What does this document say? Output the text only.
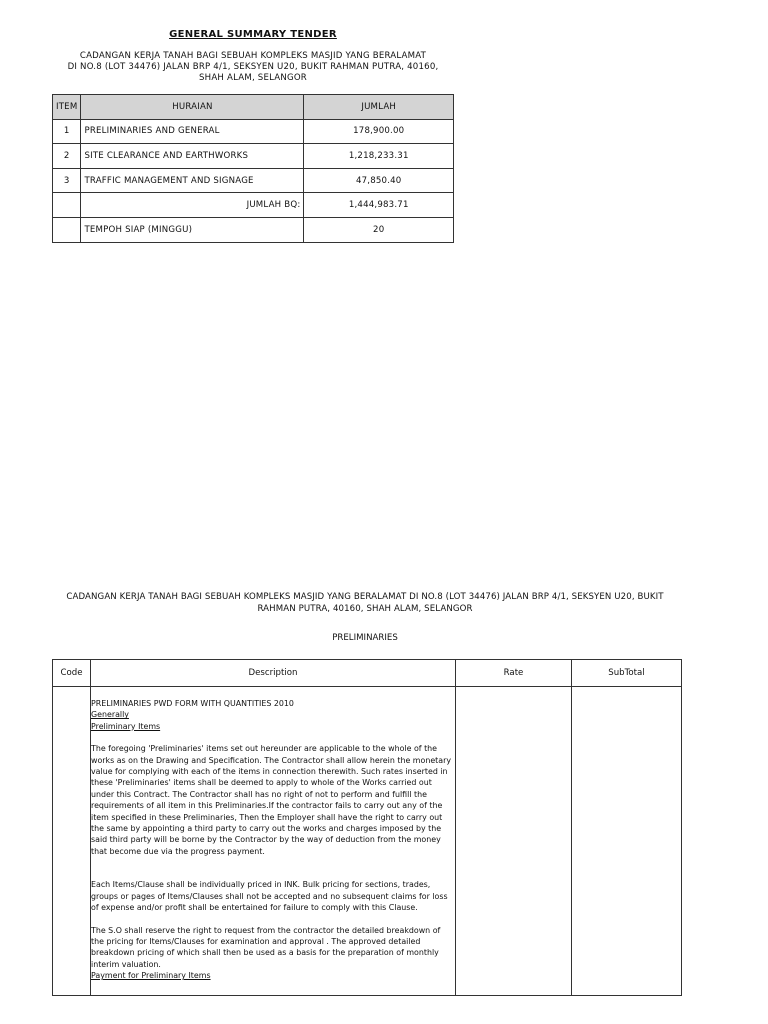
GENERAL SUMMARY TENDER
CADANGAN KERJA TANAH BAGI SEBUAH KOMPLEKS MASJID YANG BERALAMAT
DI NO.8 (LOT 34476) JALAN BRP 4/1, SEKSYEN U20, BUKIT RAHMAN PUTRA, 40160,
SHAH ALAM, SELANGOR
ITEM	HURAIAN	JUMLAH
1	PRELIMINARIES AND GENERAL	178,900.00
2	SITE CLEARANCE AND EARTHWORKS	1,218,233.31
3	TRAFFIC MANAGEMENT AND SIGNAGE	47,850.40
	JUMLAH BQ:	1,444,983.71
	TEMPOH SIAP (MINGGU)	20
CADANGAN KERJA TANAH BAGI SEBUAH KOMPLEKS MASJID YANG BERALAMAT DI NO.8 (LOT 34476) JALAN BRP 4/1, SEKSYEN U20, BUKIT
RAHMAN PUTRA, 40160, SHAH ALAM, SELANGOR
PRELIMINARIES
Code	Description	Rate	SubTotal
PRELIMINARIES PWD FORM WITH QUANTITIES 2010
Generally
Preliminary Items
The foregoing 'Preliminaries' items set out hereunder are applicable to the whole of the
works as on the Drawing and Specification. The Contractor shall allow herein the monetary
value for complying with each of the items in connection therewith. Such rates inserted in
these 'Preliminaries' items shall be deemed to apply to whole of the Works carried out
under this Contract. The Contractor shall has no right of not to perform and fulfill the
requirements of all item in this Preliminaries.If the contractor fails to carry out any of the
item specified in these Preliminaries, Then the Employer shall have the right to carry out
the same by appointing a third party to carry out the works and charges imposed by the
said third party will be borne by the Contractor by the way of deduction from the money
that become due via the progress payment.
Each Items/Clause shall be individually priced in INK. Bulk pricing for sections, trades,
groups or pages of Items/Clauses shall not be accepted and no subsequent claims for loss
of expense and/or profit shall be entertained for failure to comply with this Clause.
The S.O shall reserve the right to request from the contractor the detailed breakdown of
the pricing for Items/Clauses for examination and approval . The approved detailed
breakdown pricing of which shall then be used as a basis for the preparation of monthly
interim valuation.
Payment for Preliminary Items
